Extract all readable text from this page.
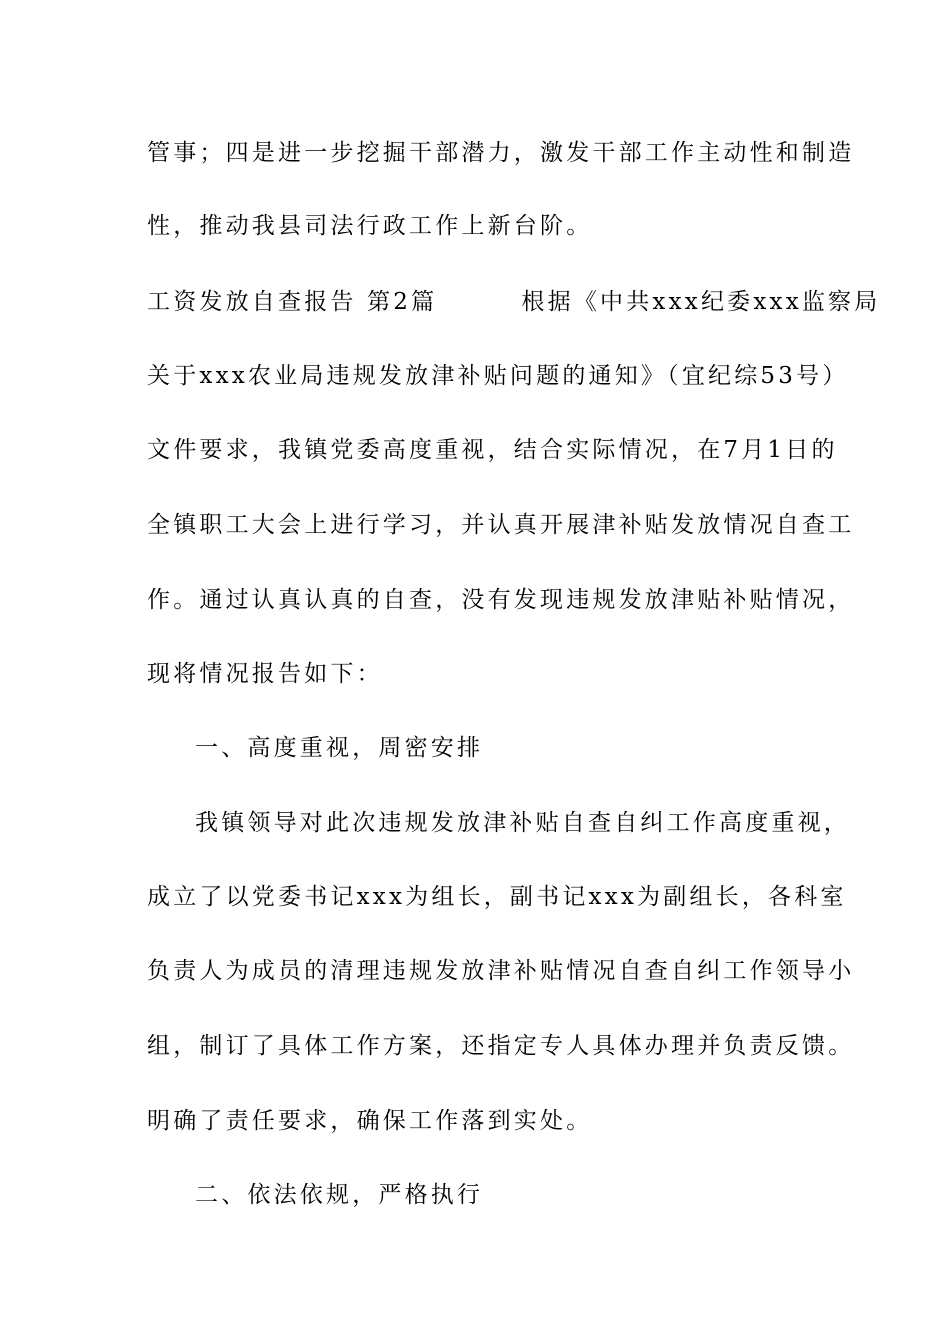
管事；四是进一步挖掘干部潜力，激发干部工作主动性和制造
性，推动我县司法行政工作上新台阶。
工资发放自查报告 第2篇        根据《中共xxx纪委xxx监察局
关于xxx农业局违规发放津补贴问题的通知》（宜纪综53号）
文件要求，我镇党委高度重视，结合实际情况，在7月1日的
全镇职工大会上进行学习，并认真开展津补贴发放情况自查工
作。通过认真认真的自查，没有发现违规发放津贴补贴情况，
现将情况报告如下：
一、高度重视，周密安排
我镇领导对此次违规发放津补贴自查自纠工作高度重视，
成立了以党委书记xxx为组长，副书记xxx为副组长，各科室
负责人为成员的清理违规发放津补贴情况自查自纠工作领导小
组，制订了具体工作方案，还指定专人具体办理并负责反馈。
明确了责任要求，确保工作落到实处。
二、依法依规，严格执行
